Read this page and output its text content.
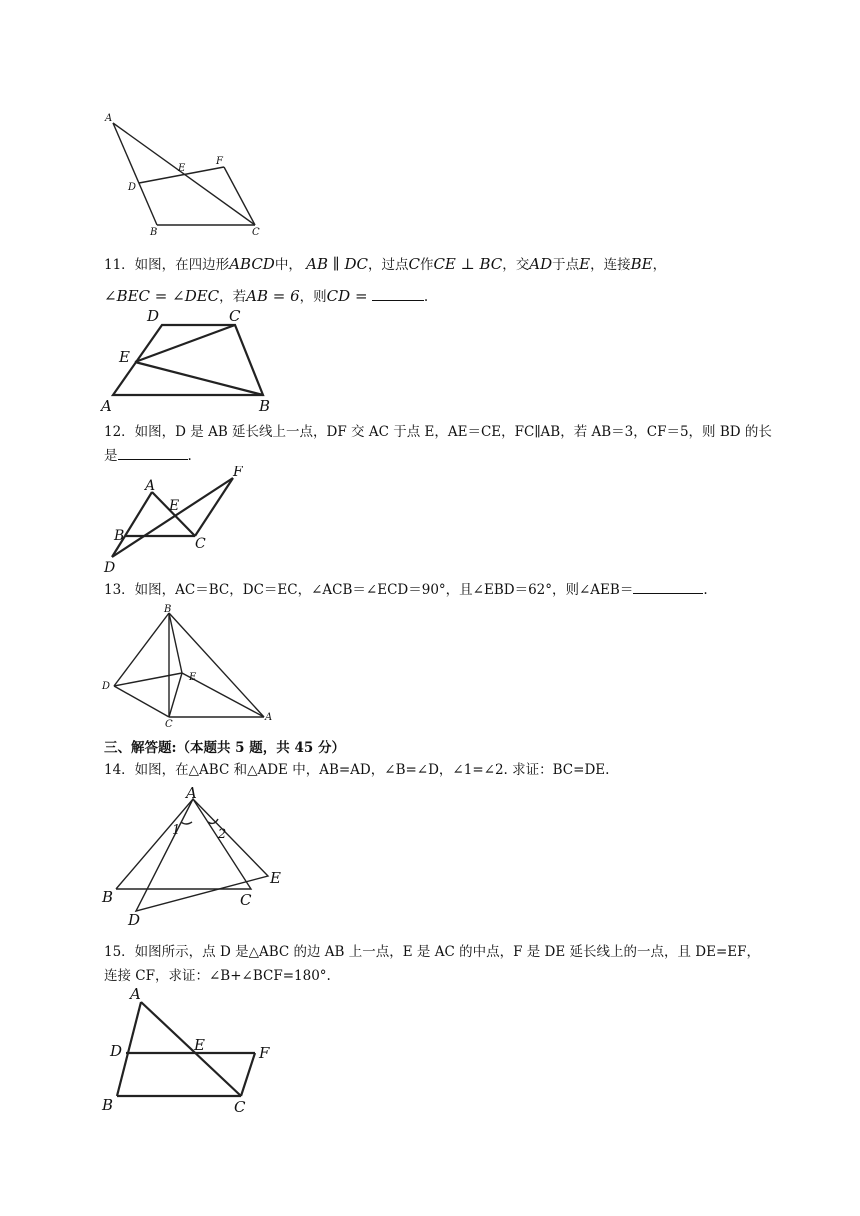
A
E
F
D
B	C
11．如图，在四边形ABCD中， AB ∥ DC，过点C作CE ⊥ BC，交AD于点E，连接BE，
∠BEC = ∠DEC，若AB = 6，则CD =	.
D	C
E
A	B
12．如图，D 是 AB 延长线上一点，DF 交 AC 于点 E，AE＝CE，FC∥AB，若 AB＝3，CF＝5，则 BD 的长
是	.
A
E
F
B	C
D
13．如图，AC＝BC，DC＝EC，∠ACB＝∠ECD＝90°，且∠EBD＝62°，则∠AEB＝	.
B
D
E
C
A
三、解答题:（本题共 5 题，共 45 分）
14．如图，在△ABC 和△ADE 中，AB=AD，∠B=∠D，∠1=∠2. 求证：BC=DE.
A
1	2
E
B	C
D
15．如图所示，点 D 是△ABC 的边 AB 上一点，E 是 AC 的中点，F 是 DE 延长线上的一点，且 DE=EF，
连接 CF，求证：∠B+∠BCF=180°.
A
D	E	F
B	C
